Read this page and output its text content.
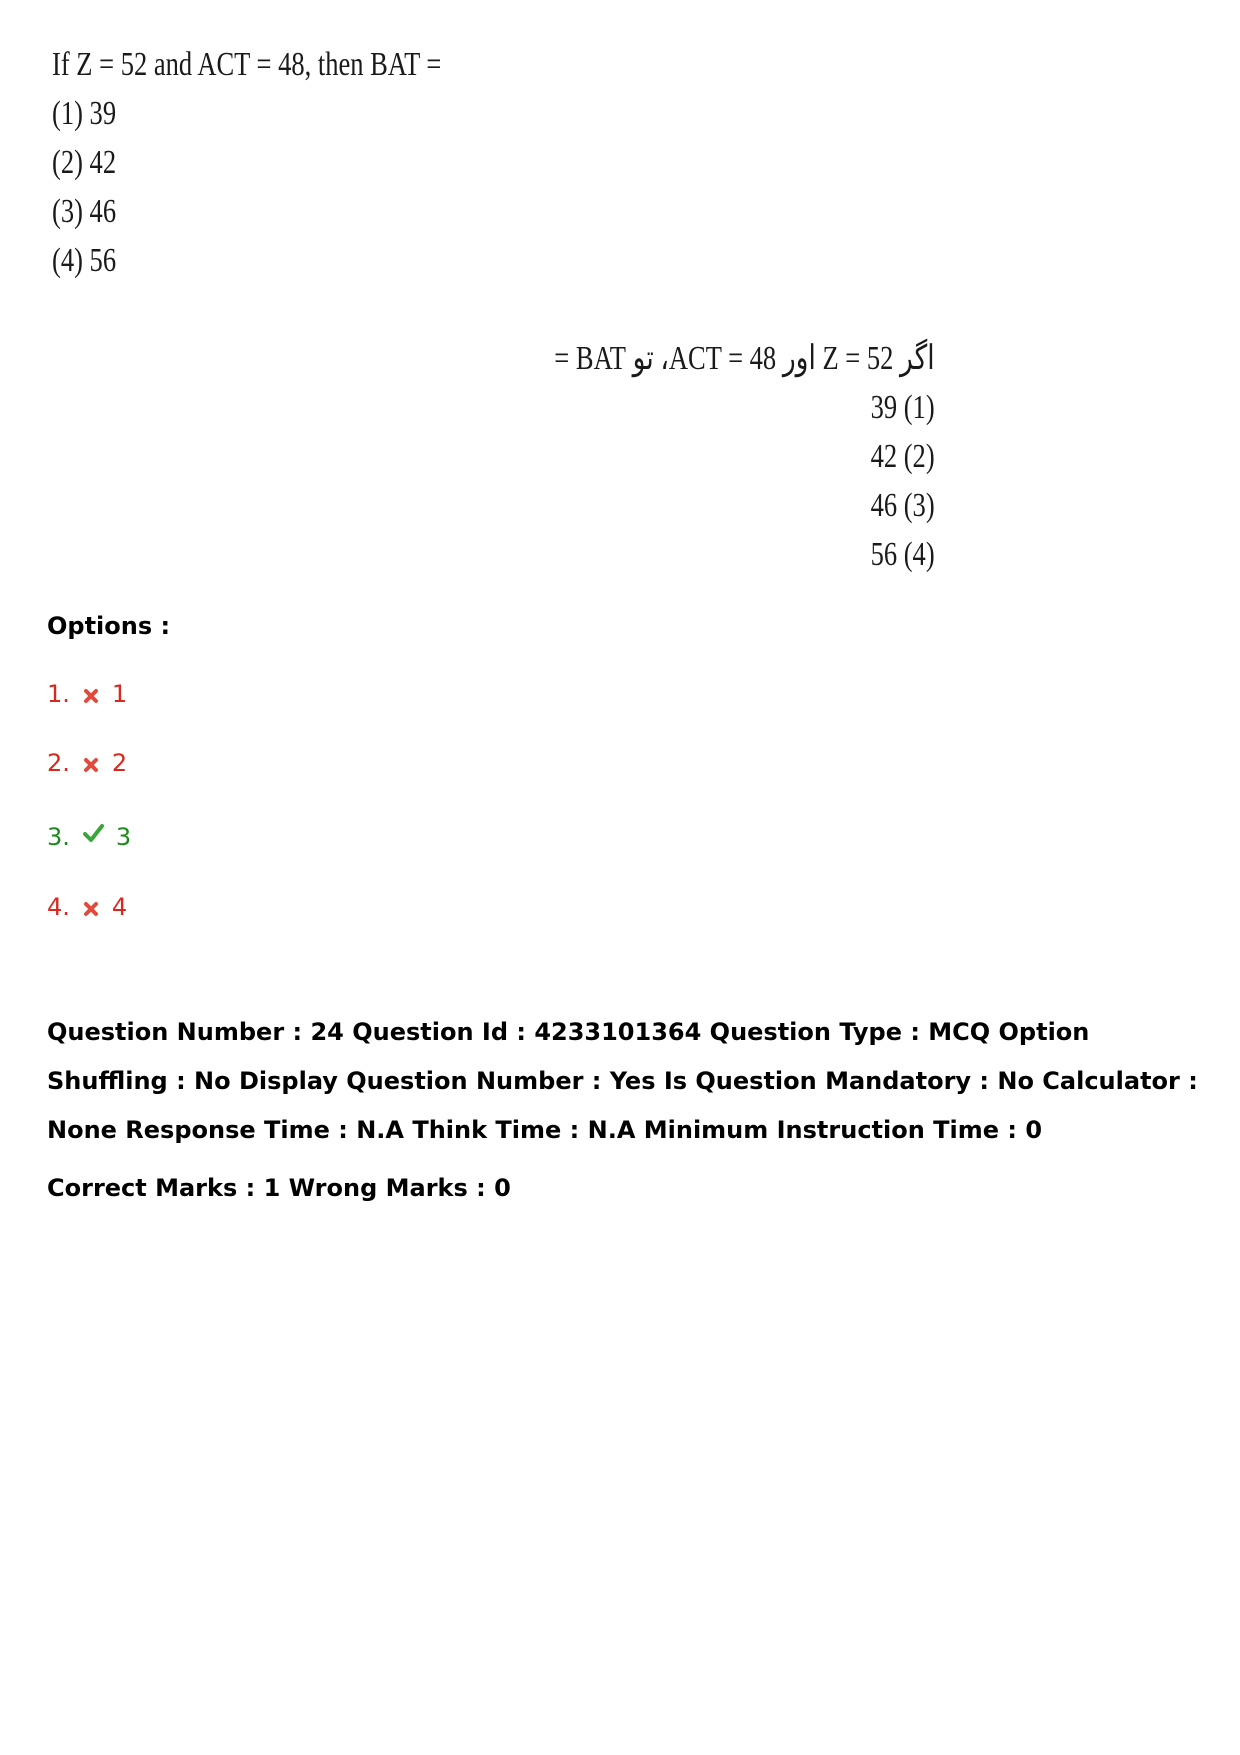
If Z = 52 and ACT = 48, then BAT =
(1) 39
(2) 42
(3) 46
(4) 56
اگر Z = 52 اور ACT = 48، تو BAT =
39 (1)
42 (2)
46 (3)
56 (4)
Options :
1. 1
2. 2
3. 3
4. 4
Question Number : 24 Question Id : 4233101364 Question Type : MCQ Option Shuffling : No Display Question Number : Yes Is Question Mandatory : No Calculator : None Response Time : N.A Think Time : N.A Minimum Instruction Time : 0
Correct Marks : 1 Wrong Marks : 0
